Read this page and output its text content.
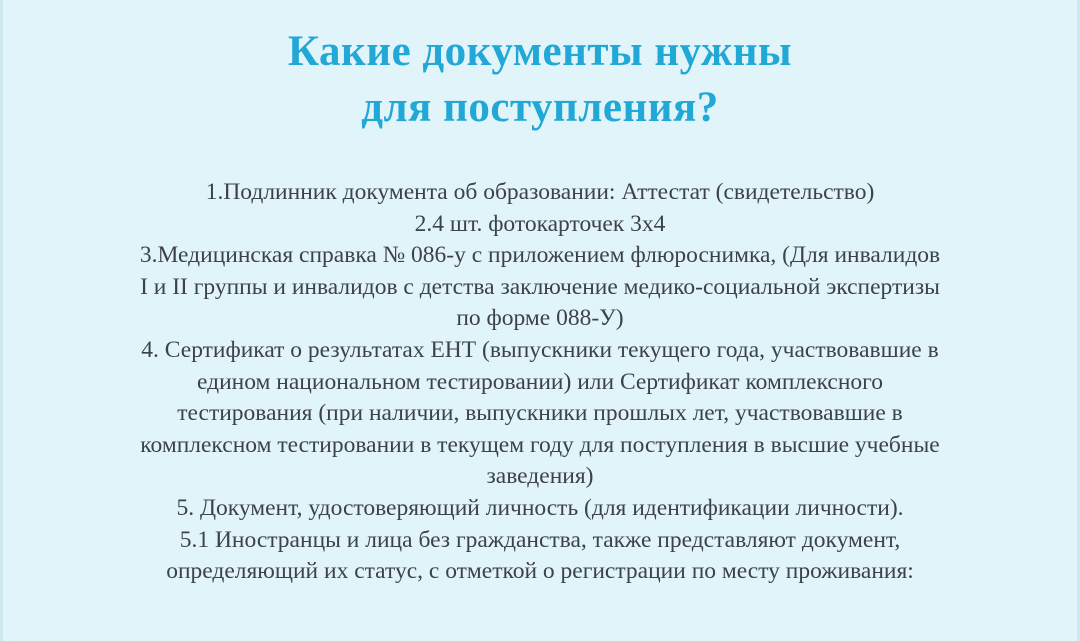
Какие документы нужны
для поступления?
1.Подлинник документа об образовании: Аттестат (свидетельство)
2.4 шт. фотокарточек 3х4
3.Медицинская справка № 086-у с приложением флюроснимка, (Для инвалидов
I и II группы и инвалидов с детства заключение медико-социальной экспертизы
по форме 088-У)
4. Сертификат о результатах ЕНТ (выпускники текущего года, участвовавшие в
едином национальном тестировании) или Сертификат комплексного
тестирования (при наличии, выпускники прошлых лет, участвовавшие в
комплексном тестировании в текущем году для поступления в высшие учебные
заведения)
5. Документ, удостоверяющий личность (для идентификации личности).
5.1 Иностранцы и лица без гражданства, также представляют документ,
определяющий их статус, с отметкой о регистрации по месту проживания:
